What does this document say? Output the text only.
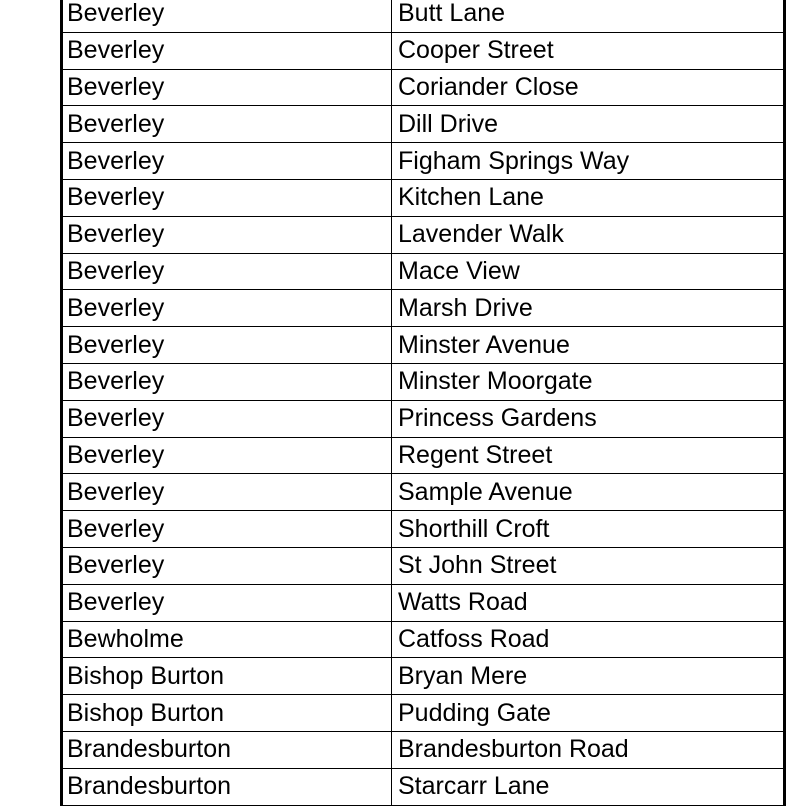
Beverley	Butt Lane
Beverley	Cooper Street
Beverley	Coriander Close
Beverley	Dill Drive
Beverley	Figham Springs Way
Beverley	Kitchen Lane
Beverley	Lavender Walk
Beverley	Mace View
Beverley	Marsh Drive
Beverley	Minster Avenue
Beverley	Minster Moorgate
Beverley	Princess Gardens
Beverley	Regent Street
Beverley	Sample Avenue
Beverley	Shorthill Croft
Beverley	St John Street
Beverley	Watts Road
Bewholme	Catfoss Road
Bishop Burton	Bryan Mere
Bishop Burton	Pudding Gate
Brandesburton	Brandesburton Road
Brandesburton	Starcarr Lane
